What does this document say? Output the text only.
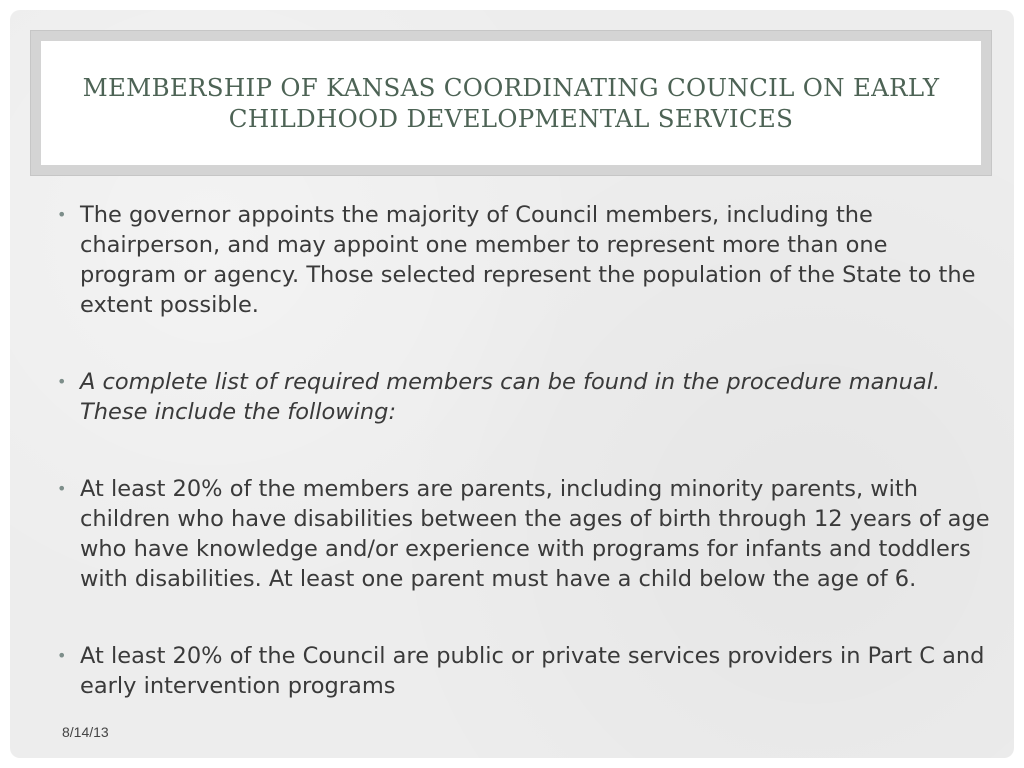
MEMBERSHIP OF KANSAS COORDINATING COUNCIL ON EARLY CHILDHOOD DEVELOPMENTAL SERVICES
• The governor appoints the majority of Council members, including the chairperson, and may appoint one member to represent more than one program or agency. Those selected represent the population of the State to the extent possible.
• A complete list of required members can be found in the procedure manual. These include the following:
• At least 20% of the members are parents, including minority parents, with children who have disabilities between the ages of birth through 12 years of age who have knowledge and/or experience with programs for infants and toddlers with disabilities. At least one parent must have a child below the age of 6.
• At least 20% of the Council are public or private services providers in Part C and early intervention programs
8/14/13
